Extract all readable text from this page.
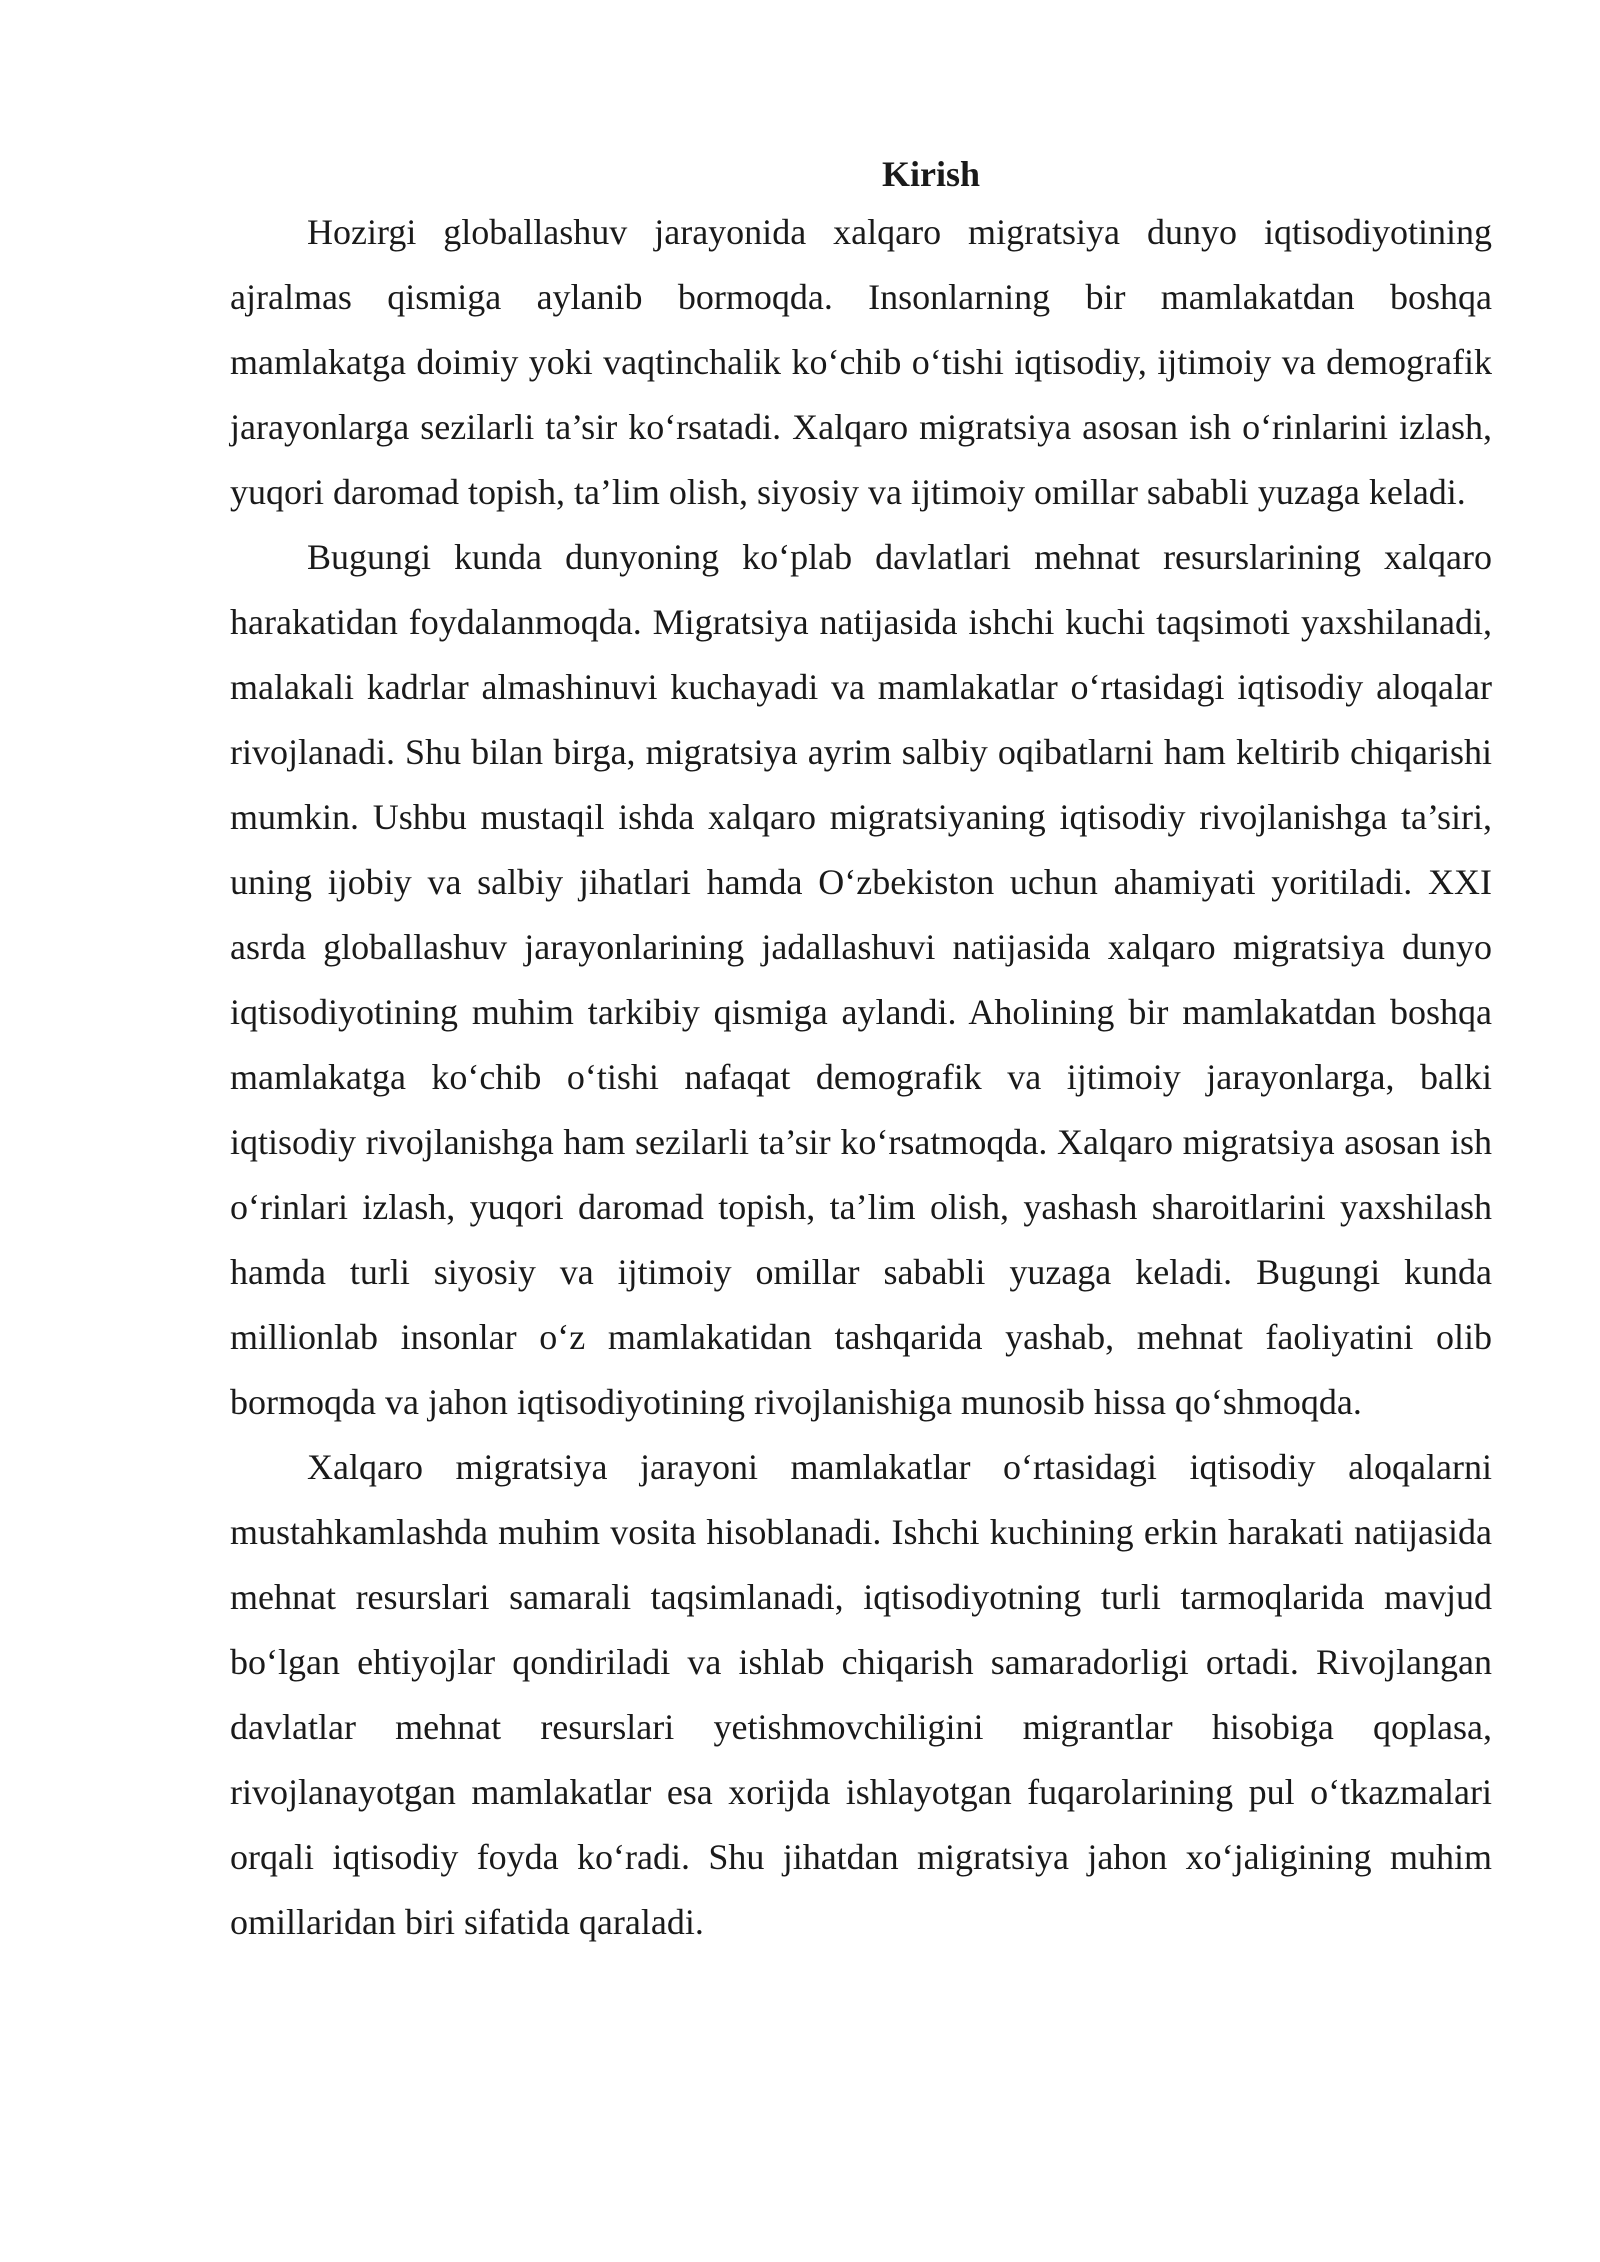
Kirish

Hozirgi globallashuv jarayonida xalqaro migratsiya dunyo iqtisodiyotining ajralmas qismiga aylanib bormoqda. Insonlarning bir mamlakatdan boshqa mamlakatga doimiy yoki vaqtinchalik ko‘chib o‘tishi iqtisodiy, ijtimoiy va demografik jarayonlarga sezilarli ta’sir ko‘rsatadi. Xalqaro migratsiya asosan ish o‘rinlarini izlash, yuqori daromad topish, ta’lim olish, siyosiy va ijtimoiy omillar sababli yuzaga keladi.

Bugungi kunda dunyoning ko‘plab davlatlari mehnat resurslarining xalqaro harakatidan foydalanmoqda. Migratsiya natijasida ishchi kuchi taqsimoti yaxshilanadi, malakali kadrlar almashinuvi kuchayadi va mamlakatlar o‘rtasidagi iqtisodiy aloqalar rivojlanadi. Shu bilan birga, migratsiya ayrim salbiy oqibatlarni ham keltirib chiqarishi mumkin. Ushbu mustaqil ishda xalqaro migratsiyaning iqtisodiy rivojlanishga ta’siri, uning ijobiy va salbiy jihatlari hamda O‘zbekiston uchun ahamiyati yoritiladi. XXI asrda globallashuv jarayonlarining jadallashuvi natijasida xalqaro migratsiya dunyo iqtisodiyotining muhim tarkibiy qismiga aylandi. Aholining bir mamlakatdan boshqa mamlakatga ko‘chib o‘tishi nafaqat demografik va ijtimoiy jarayonlarga, balki iqtisodiy rivojlanishga ham sezilarli ta’sir ko‘rsatmoqda. Xalqaro migratsiya asosan ish o‘rinlari izlash, yuqori daromad topish, ta’lim olish, yashash sharoitlarini yaxshilash hamda turli siyosiy va ijtimoiy omillar sababli yuzaga keladi. Bugungi kunda millionlab insonlar o‘z mamlakatidan tashqarida yashab, mehnat faoliyatini olib bormoqda va jahon iqtisodiyotining rivojlanishiga munosib hissa qo‘shmoqda.

Xalqaro migratsiya jarayoni mamlakatlar o‘rtasidagi iqtisodiy aloqalarni mustahkamlashda muhim vosita hisoblanadi. Ishchi kuchining erkin harakati natijasida mehnat resurslari samarali taqsimlanadi, iqtisodiyotning turli tarmoqlarida mavjud bo‘lgan ehtiyojlar qondiriladi va ishlab chiqarish samaradorligi ortadi. Rivojlangan davlatlar mehnat resurslari yetishmovchiligini migrantlar hisobiga qoplasa, rivojlanayotgan mamlakatlar esa xorijda ishlayotgan fuqarolarining pul o‘tkazmalari orqali iqtisodiy foyda ko‘radi. Shu jihatdan migratsiya jahon xo‘jaligining muhim omillaridan biri sifatida qaraladi.
